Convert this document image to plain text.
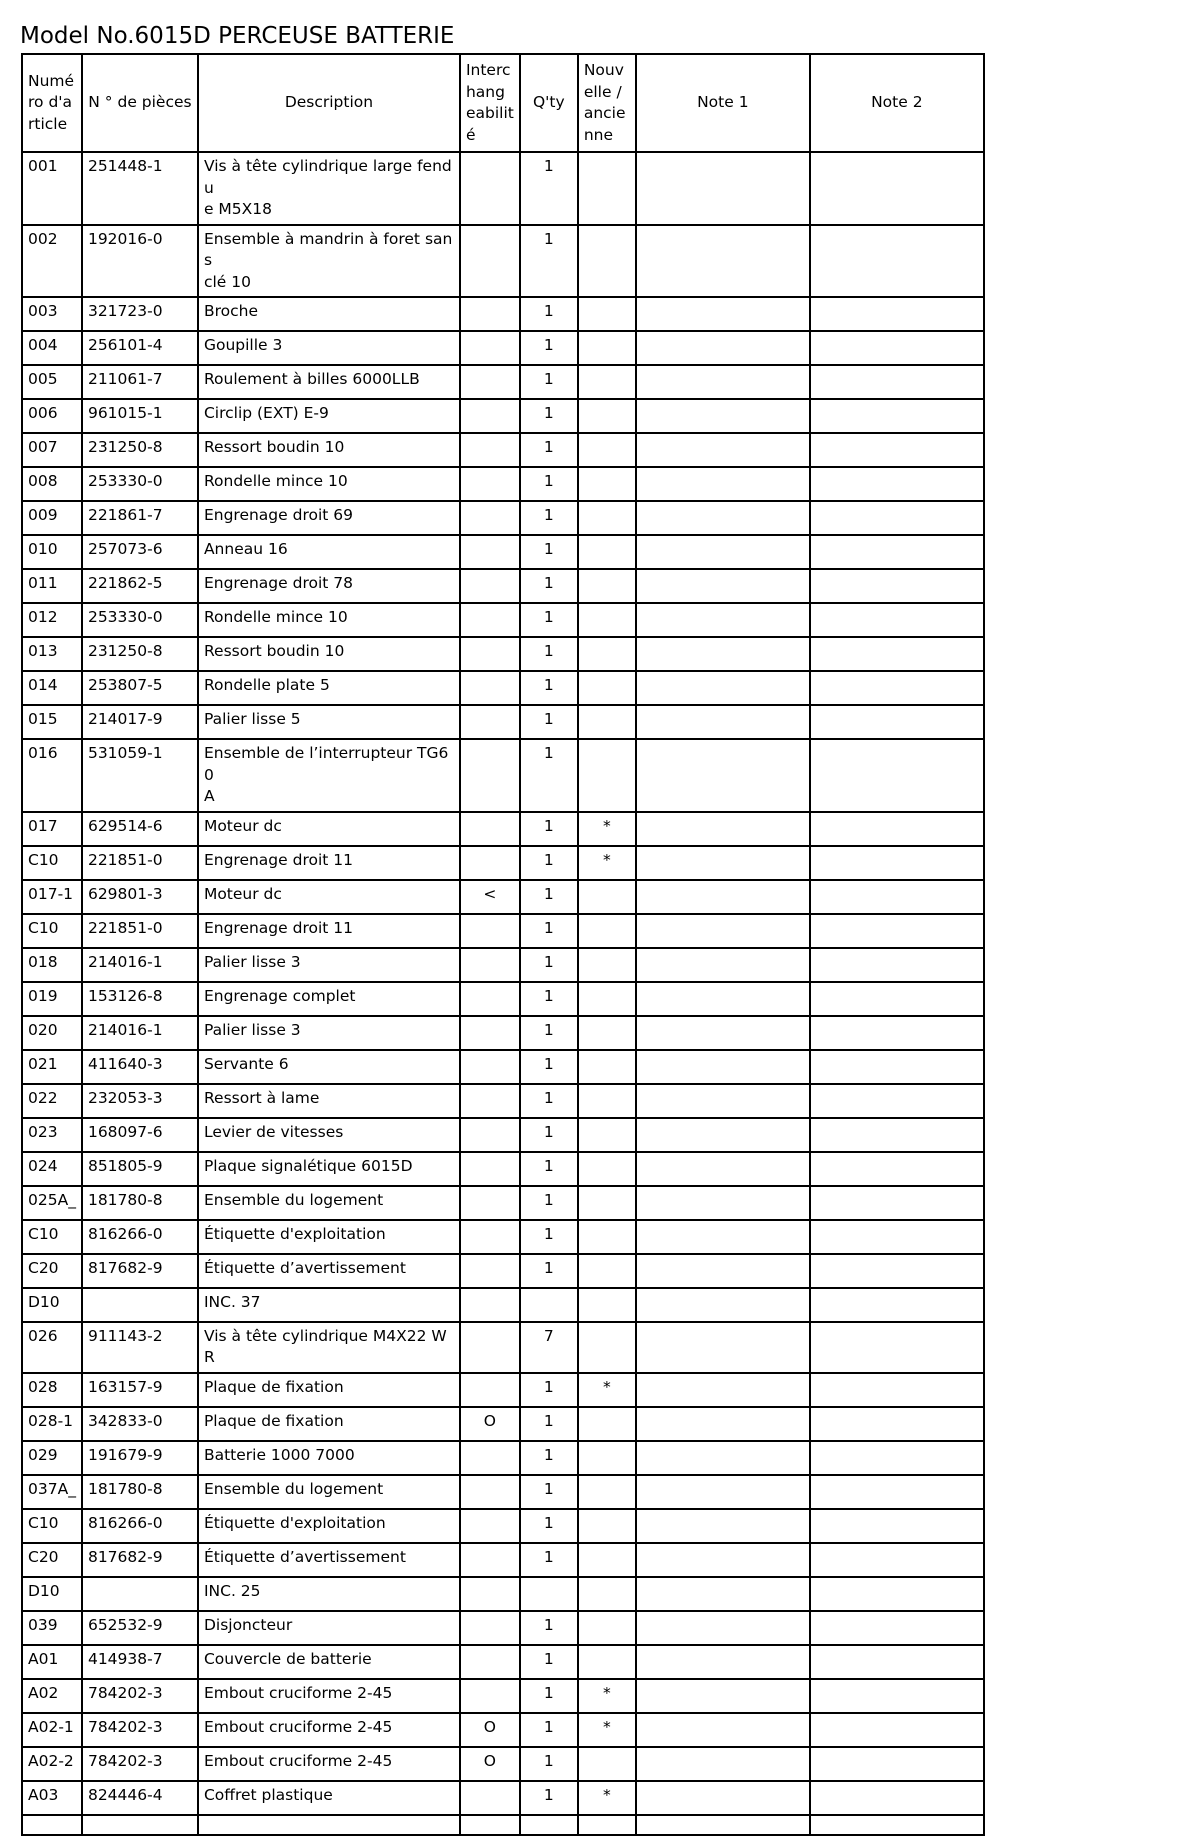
Model No.6015D PERCEUSE BATTERIE
Numé
ro d'a
rticle	N ° de pièces	Description	Interc
hang
eabilit
é	Q'ty	Nouv
elle /
ancie
nne	Note 1	Note 2
001	251448-1	Vis à tête cylindrique large fendu
e M5X18		1			
002	192016-0	Ensemble à mandrin à foret sans
clé 10		1			
003	321723-0	Broche		1			
004	256101-4	Goupille 3		1			
005	211061-7	Roulement à billes 6000LLB		1			
006	961015-1	Circlip (EXT) E-9		1			
007	231250-8	Ressort boudin 10		1			
008	253330-0	Rondelle mince 10		1			
009	221861-7	Engrenage droit 69		1			
010	257073-6	Anneau 16		1			
011	221862-5	Engrenage droit 78		1			
012	253330-0	Rondelle mince 10		1			
013	231250-8	Ressort boudin 10		1			
014	253807-5	Rondelle plate 5		1			
015	214017-9	Palier lisse 5		1			
016	531059-1	Ensemble de l’interrupteur TG60
A		1			
017	629514-6	Moteur dc		1	*		
C10	221851-0	Engrenage droit 11		1	*		
017-1	629801-3	Moteur dc	<	1			
C10	221851-0	Engrenage droit 11		1			
018	214016-1	Palier lisse 3		1			
019	153126-8	Engrenage complet		1			
020	214016-1	Palier lisse 3		1			
021	411640-3	Servante 6		1			
022	232053-3	Ressort à lame		1			
023	168097-6	Levier de vitesses		1			
024	851805-9	Plaque signalétique 6015D		1			
025A_	181780-8	Ensemble du logement		1			
C10	816266-0	Étiquette d'exploitation		1			
C20	817682-9	Étiquette d’avertissement		1			
D10		INC. 37					
026	911143-2	Vis à tête cylindrique M4X22 WR		7			
028	163157-9	Plaque de fixation		1	*		
028-1	342833-0	Plaque de fixation	O	1			
029	191679-9	Batterie 1000 7000		1			
037A_	181780-8	Ensemble du logement		1			
C10	816266-0	Étiquette d'exploitation		1			
C20	817682-9	Étiquette d’avertissement		1			
D10		INC. 25					
039	652532-9	Disjoncteur		1			
A01	414938-7	Couvercle de batterie		1			
A02	784202-3	Embout cruciforme 2-45		1	*		
A02-1	784202-3	Embout cruciforme 2-45	O	1	*		
A02-2	784202-3	Embout cruciforme 2-45	O	1			
A03	824446-4	Coffret plastique		1	*		
